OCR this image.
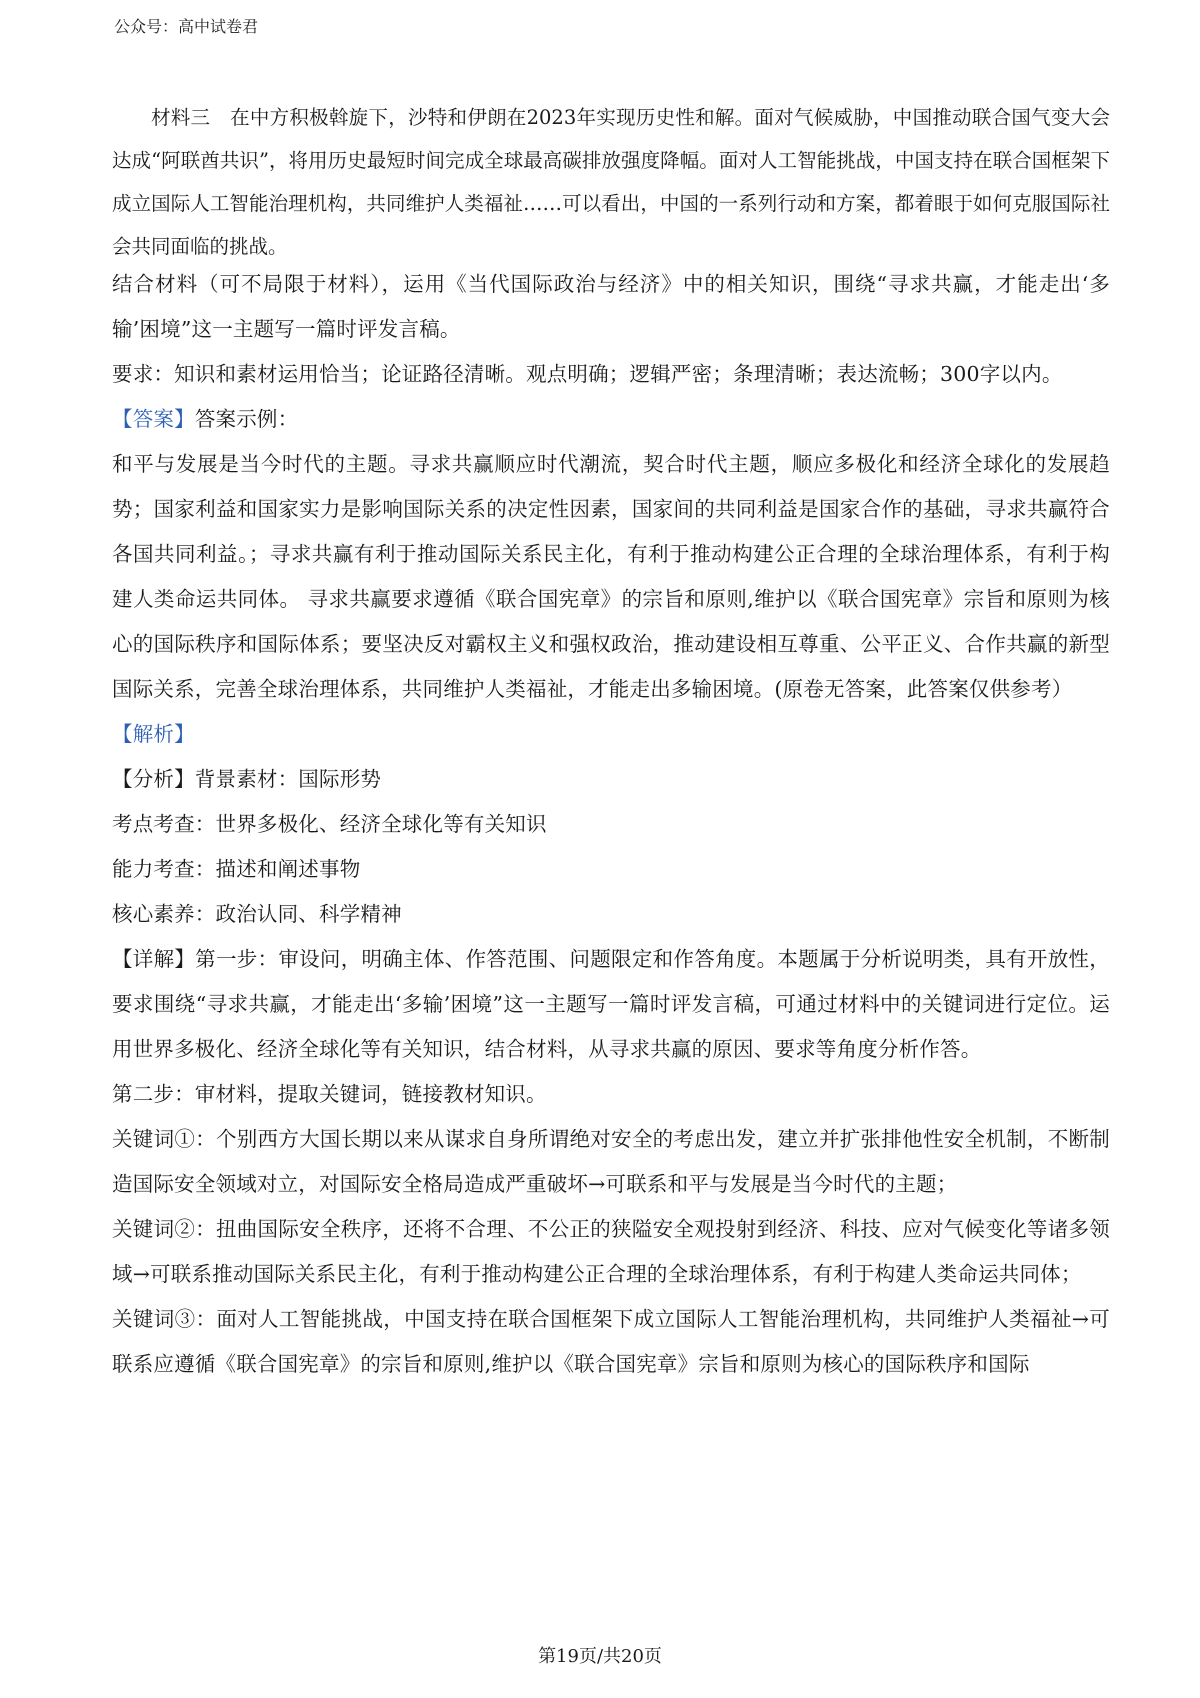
公众号：高中试卷君
材料三　在中方积极斡旋下，沙特和伊朗在2023年实现历史性和解。面对气候威胁，中国推动联合国气变大会达成“阿联酋共识”，将用历史最短时间完成全球最高碳排放强度降幅。面对人工智能挑战，中国支持在联合国框架下成立国际人工智能治理机构，共同维护人类福祉……可以看出，中国的一系列行动和方案，都着眼于如何克服国际社会共同面临的挑战。

结合材料（可不局限于材料），运用《当代国际政治与经济》中的相关知识，围绕“寻求共赢，才能走出‘多输’困境”这一主题写一篇时评发言稿。

要求：知识和素材运用恰当；论证路径清晰。观点明确；逻辑严密；条理清晰；表达流畅；300字以内。

【答案】答案示例：

和平与发展是当今时代的主题。寻求共赢顺应时代潮流，契合时代主题，顺应多极化和经济全球化的发展趋势；国家利益和国家实力是影响国际关系的决定性因素，国家间的共同利益是国家合作的基础，寻求共赢符合各国共同利益。；寻求共赢有利于推动国际关系民主化，有利于推动构建公正合理的全球治理体系，有利于构建人类命运共同体。 寻求共赢要求遵循《联合国宪章》的宗旨和原则,维护以《联合国宪章》宗旨和原则为核心的国际秩序和国际体系；要坚决反对霸权主义和强权政治，推动建设相互尊重、公平正义、合作共赢的新型国际关系，完善全球治理体系，共同维护人类福祉，才能走出多输困境。(原卷无答案，此答案仅供参考）

【解析】

【分析】背景素材：国际形势

考点考查：世界多极化、经济全球化等有关知识

能力考查：描述和阐述事物

核心素养：政治认同、科学精神

【详解】第一步：审设问，明确主体、作答范围、问题限定和作答角度。本题属于分析说明类，具有开放性，要求围绕“寻求共赢，才能走出‘多输’困境”这一主题写一篇时评发言稿，可通过材料中的关键词进行定位。运用世界多极化、经济全球化等有关知识，结合材料，从寻求共赢的原因、要求等角度分析作答。

第二步：审材料，提取关键词，链接教材知识。

关键词①：个别西方大国长期以来从谋求自身所谓绝对安全的考虑出发，建立并扩张排他性安全机制，不断制造国际安全领域对立，对国际安全格局造成严重破坏→可联系和平与发展是当今时代的主题；

关键词②：扭曲国际安全秩序，还将不合理、不公正的狭隘安全观投射到经济、科技、应对气候变化等诸多领域→可联系推动国际关系民主化，有利于推动构建公正合理的全球治理体系，有利于构建人类命运共同体；

关键词③：面对人工智能挑战，中国支持在联合国框架下成立国际人工智能治理机构，共同维护人类福祉→可联系应遵循《联合国宪章》的宗旨和原则,维护以《联合国宪章》宗旨和原则为核心的国际秩序和国际

第19页/共20页
